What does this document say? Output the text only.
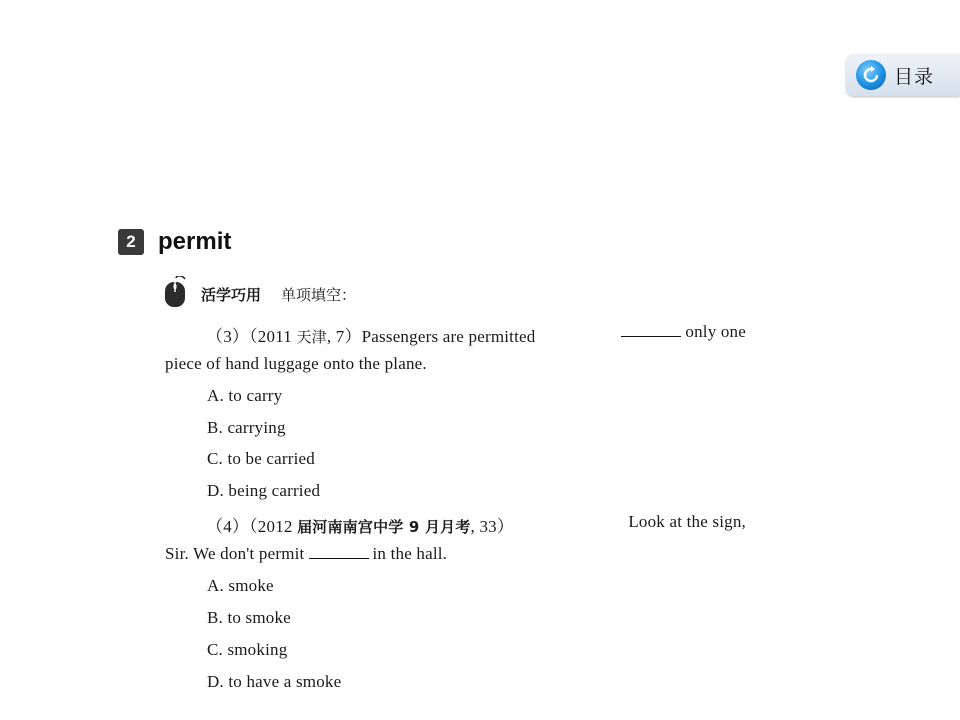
目录
2 permit
活学巧用 单项填空：
（3）（2011 天津, 7）Passengers are permitted	only one
piece of hand luggage onto the plane.
A. to carry
B. carrying
C. to be carried
D. being carried
（4）（2012 届河南南宫中学 9 月月考, 33）	Look at the sign,
Sir. We don't permit	in the hall.
A. smoke
B. to smoke
C. smoking
D. to have a smoke
